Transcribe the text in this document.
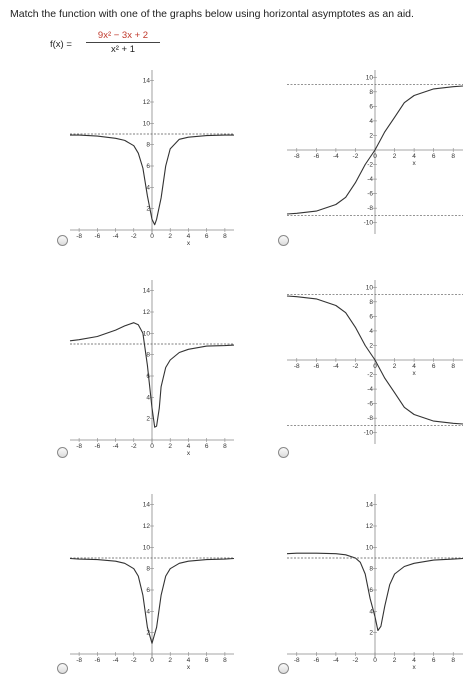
Match the function with one of the graphs below using horizontal asymptotes as an aid.
f(x) =
9x² − 3x + 2
x² + 1
-8 -6 -4 -2 0 2 4 6 8
x
2
4
6
8
10
12
14
-8 -6 -4 -2 0 2 4 6 8
x
-10
-8
-6
-4
-2
2
4
6
8
10
-8 -6 -4 -2 0 2 4 6 8
x
2
4
6
8
10
12
14
-8 -6 -4 -2 0 2 4 6 8
x
-10
-8
-6
-4
-2
2
4
6
8
10
-8 -6 -4 -2 0 2 4 6 8
x
2
4
6
8
10
12
14
-8 -6 -4 -2 0 2 4 6 8
x
2
4
6
8
10
12
14
